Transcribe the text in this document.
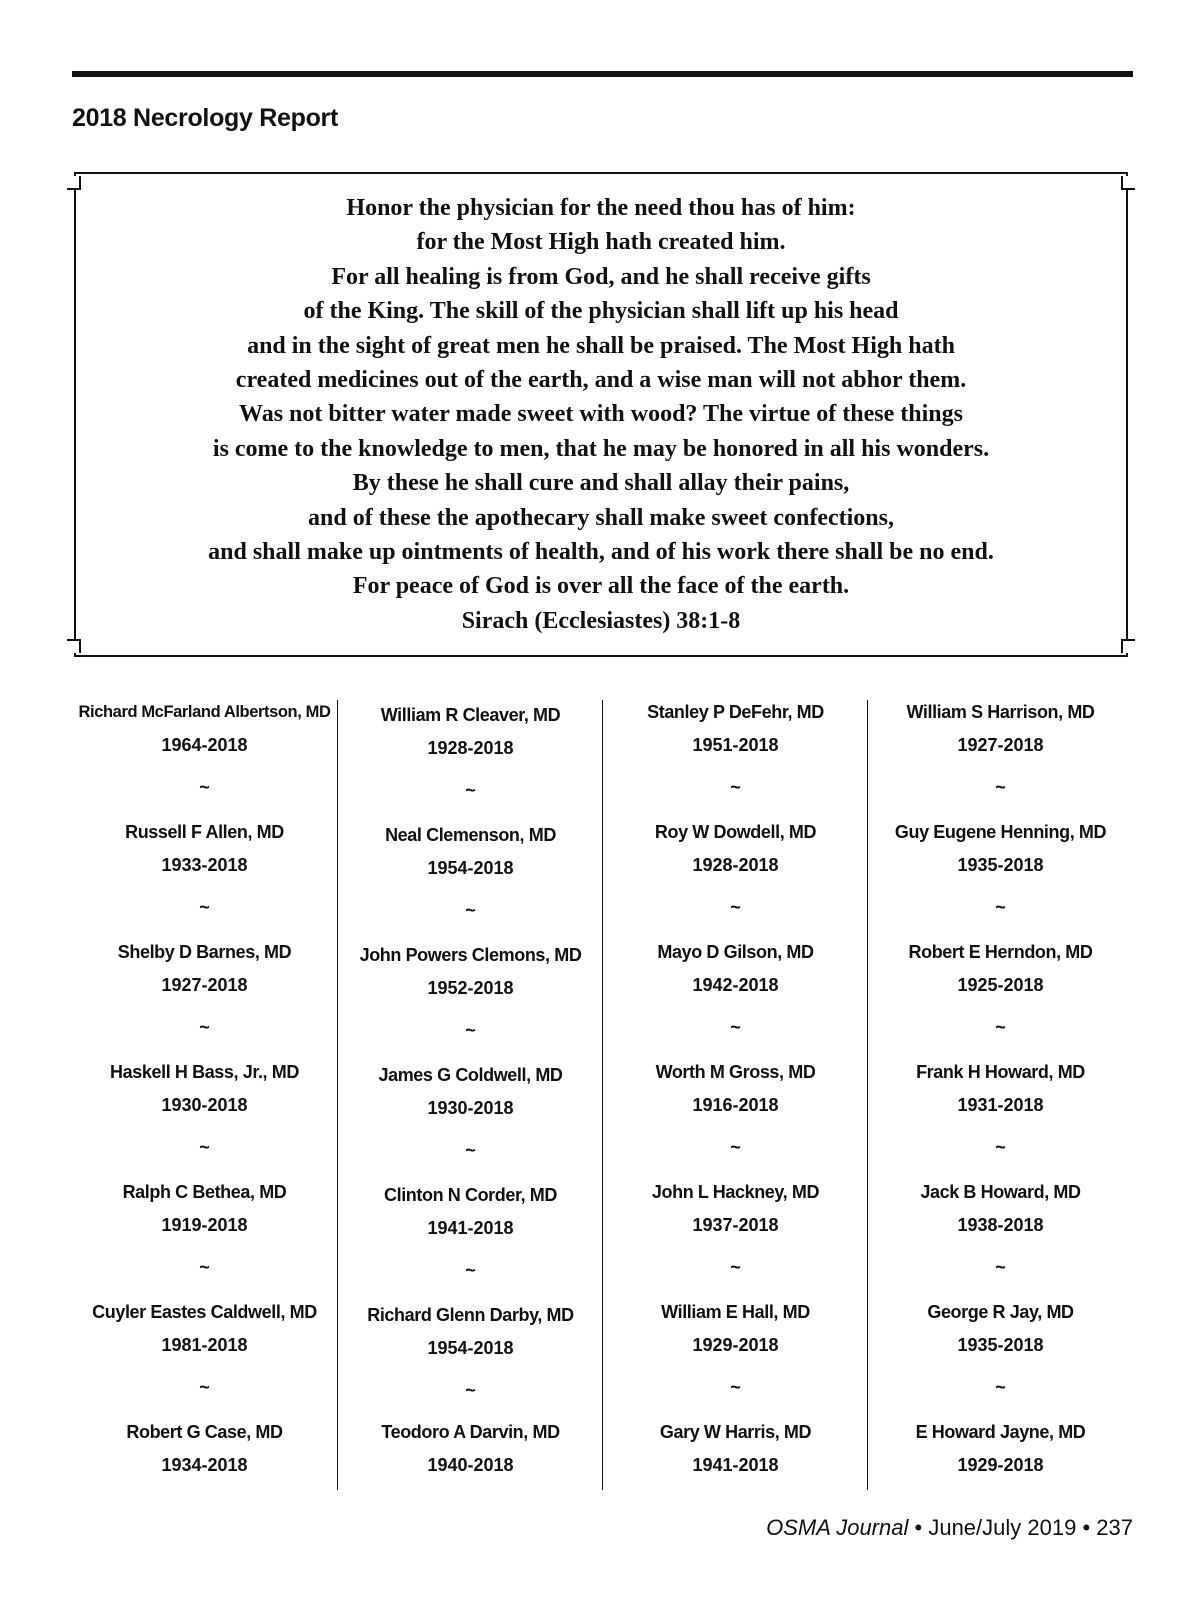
2018 Necrology Report
Honor the physician for the need thou has of him:
for the Most High hath created him.
For all healing is from God, and he shall receive gifts
of the King. The skill of the physician shall lift up his head
and in the sight of great men he shall be praised. The Most High hath
created medicines out of the earth, and a wise man will not abhor them.
Was not bitter water made sweet with wood? The virtue of these things
is come to the knowledge to men, that he may be honored in all his wonders.
By these he shall cure and shall allay their pains,
and of these the apothecary shall make sweet confections,
and shall make up ointments of health, and of his work there shall be no end.
For peace of God is over all the face of the earth.
Sirach (Ecclesiastes) 38:1-8
Richard McFarland Albertson, MD
1964-2018
~
Russell F Allen, MD
1933-2018
~
Shelby D Barnes, MD
1927-2018
~
Haskell H Bass, Jr., MD
1930-2018
~
Ralph C Bethea, MD
1919-2018
~
Cuyler Eastes Caldwell, MD
1981-2018
~
Robert G Case, MD
1934-2018
William R Cleaver, MD
1928-2018
~
Neal Clemenson, MD
1954-2018
~
John Powers Clemons, MD
1952-2018
~
James G Coldwell, MD
1930-2018
~
Clinton N Corder, MD
1941-2018
~
Richard Glenn Darby, MD
1954-2018
~
Teodoro A Darvin, MD
1940-2018
Stanley P DeFehr, MD
1951-2018
~
Roy W Dowdell, MD
1928-2018
~
Mayo D Gilson, MD
1942-2018
~
Worth M Gross, MD
1916-2018
~
John L Hackney, MD
1937-2018
~
William E Hall, MD
1929-2018
~
Gary W Harris, MD
1941-2018
William S Harrison, MD
1927-2018
~
Guy Eugene Henning, MD
1935-2018
~
Robert E Herndon, MD
1925-2018
~
Frank H Howard, MD
1931-2018
~
Jack B Howard, MD
1938-2018
~
George R Jay, MD
1935-2018
~
E Howard Jayne, MD
1929-2018
OSMA Journal • June/July 2019 • 237
